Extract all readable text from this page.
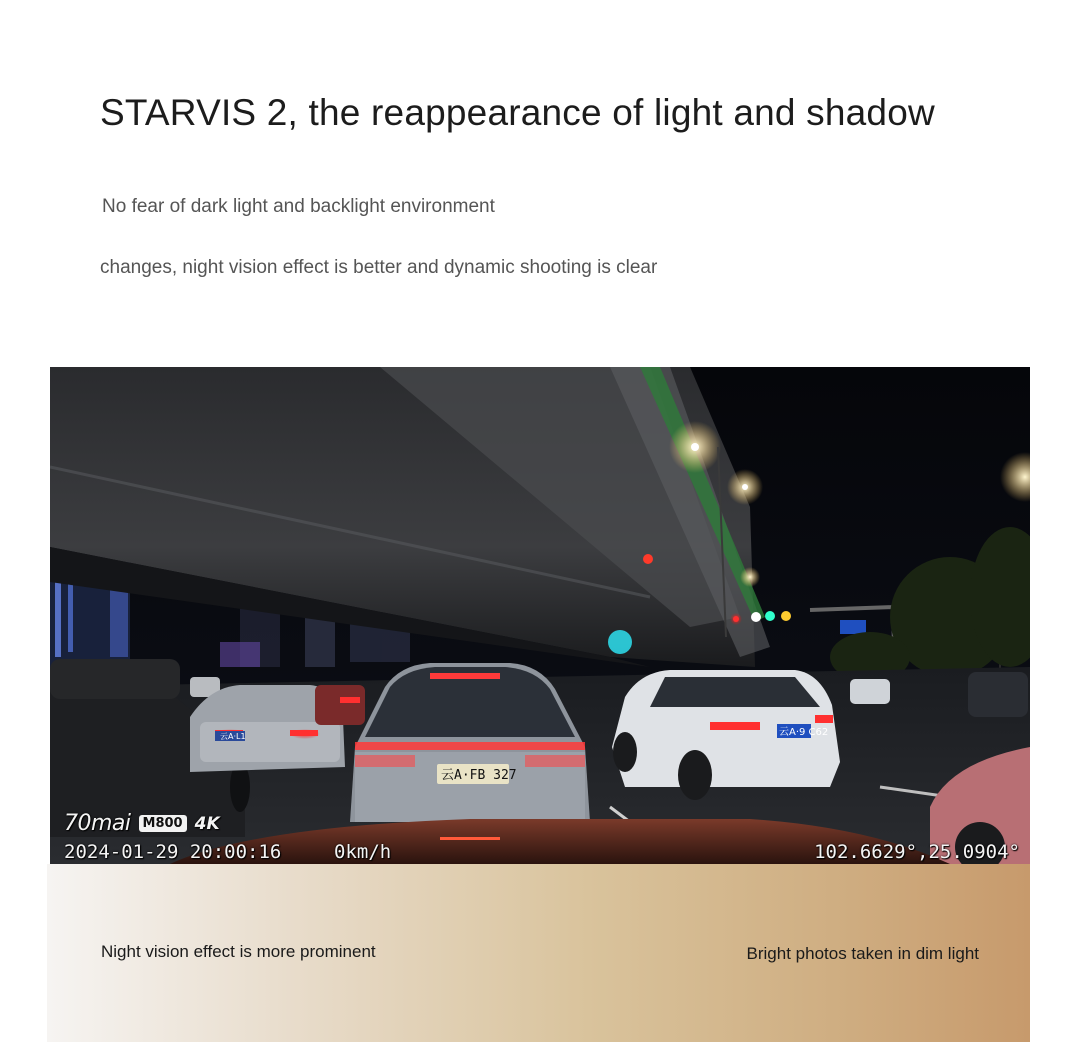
STARVIS 2, the reappearance of light and shadow

No fear of dark light and backlight environment

changes, night vision effect is better and dynamic shooting is clear

云A·L1
云A·FB 327
云A·9 C62
70mai M800 4K
2024-01-29 20:00:16	0km/h	102.6629°,25.0904°

Night vision effect is more prominent	Bright photos taken in dim light
